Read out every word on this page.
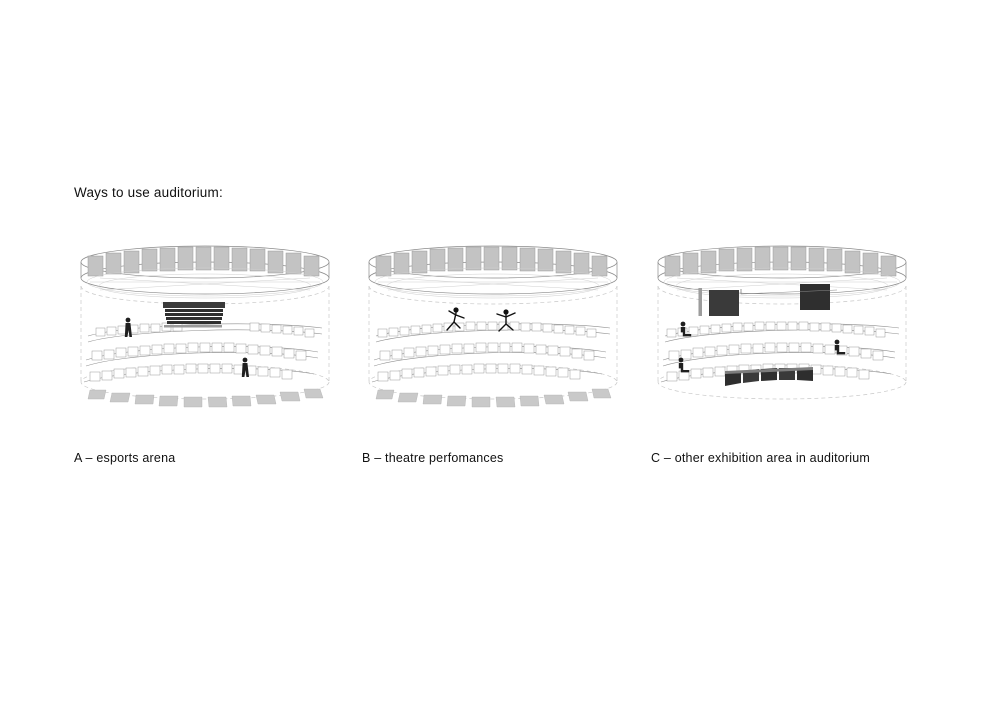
Ways to use auditorium:
A – esports arena	B – theatre perfomances	C – other exhibition area in auditorium
